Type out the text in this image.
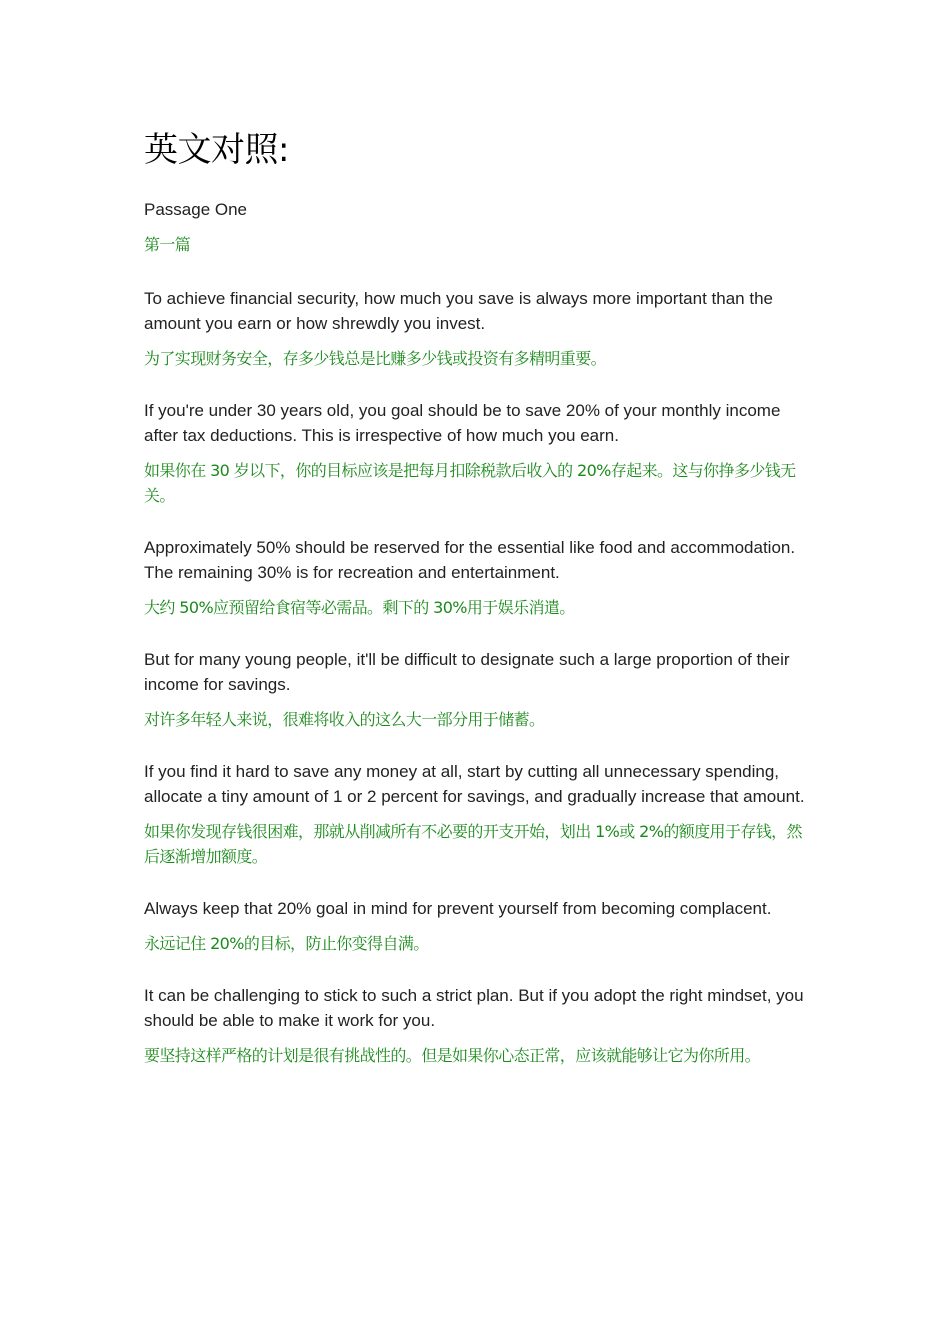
英文对照:

Passage One

第一篇

To achieve financial security, how much you save is always more important than the amount you earn or how shrewdly you invest.

为了实现财务安全，存多少钱总是比赚多少钱或投资有多精明重要。

If you're under 30 years old, you goal should be to save 20% of your monthly income after tax deductions. This is irrespective of how much you earn.

如果你在 30 岁以下，你的目标应该是把每月扣除税款后收入的 20%存起来。这与你挣多少钱无关。

Approximately 50% should be reserved for the essential like food and accommodation. The remaining 30% is for recreation and entertainment.

大约 50%应预留给食宿等必需品。剩下的 30%用于娱乐消遣。

But for many young people, it'll be difficult to designate such a large proportion of their income for savings.

对许多年轻人来说，很难将收入的这么大一部分用于储蓄。

If you find it hard to save any money at all, start by cutting all unnecessary spending, allocate a tiny amount of 1 or 2 percent for savings, and gradually increase that amount.

如果你发现存钱很困难，那就从削减所有不必要的开支开始，划出 1%或 2%的额度用于存钱，然后逐渐增加额度。

Always keep that 20% goal in mind for prevent yourself from becoming complacent.

永远记住 20%的目标，防止你变得自满。

It can be challenging to stick to such a strict plan. But if you adopt the right mindset, you should be able to make it work for you.

要坚持这样严格的计划是很有挑战性的。但是如果你心态正常，应该就能够让它为你所用。
